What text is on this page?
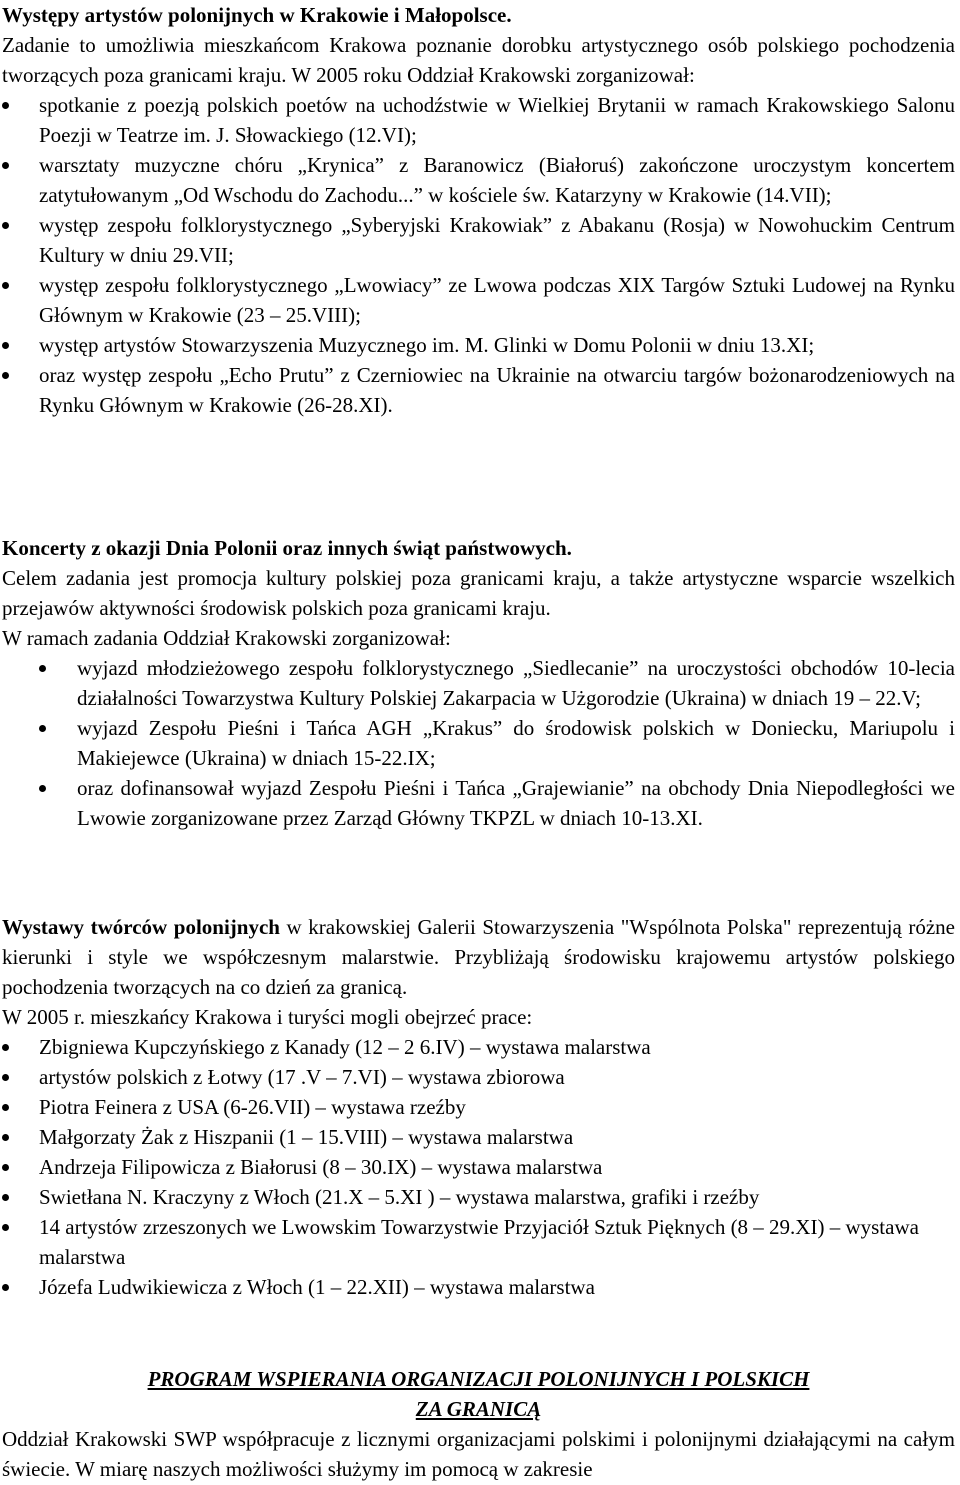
Występy artystów polonijnych w Krakowie i Małopolsce.

Zadanie to umożliwia mieszkańcom Krakowa poznanie dorobku artystycznego osób polskiego pochodzenia tworzących poza granicami kraju. W 2005 roku Oddział Krakowski zorganizował:

spotkanie z poezją polskich poetów na uchodźstwie w Wielkiej Brytanii w ramach Krakowskiego Salonu Poezji w Teatrze im. J. Słowackiego (12.VI);
warsztaty muzyczne chóru „Krynica” z Baranowicz (Białoruś) zakończone uroczystym koncertem zatytułowanym „Od Wschodu do Zachodu...” w kościele św. Katarzyny w Krakowie (14.VII);
występ zespołu folklorystycznego „Syberyjski Krakowiak” z Abakanu (Rosja) w Nowohuckim Centrum Kultury w dniu 29.VII;
występ zespołu folklorystycznego „Lwowiacy” ze Lwowa podczas XIX Targów Sztuki Ludowej na Rynku Głównym w Krakowie (23 – 25.VIII);
występ artystów Stowarzyszenia Muzycznego im. M. Glinki w Domu Polonii w dniu 13.XI;
oraz występ zespołu „Echo Prutu” z Czerniowiec na Ukrainie na otwarciu targów bożonarodzeniowych na Rynku Głównym w Krakowie (26-28.XI).

Koncerty z okazji Dnia Polonii oraz innych świąt państwowych.

Celem zadania jest promocja kultury polskiej poza granicami kraju, a także artystyczne wsparcie wszelkich przejawów aktywności środowisk polskich poza granicami kraju.

W ramach zadania Oddział Krakowski zorganizował:

wyjazd młodzieżowego zespołu folklorystycznego „Siedlecanie” na uroczystości obchodów 10-lecia działalności Towarzystwa Kultury Polskiej Zakarpacia w Użgorodzie (Ukraina) w dniach 19 – 22.V;
wyjazd Zespołu Pieśni i Tańca AGH „Krakus” do środowisk polskich w Doniecku, Mariupolu i Makiejewce (Ukraina) w dniach 15-22.IX;
oraz dofinansował wyjazd Zespołu Pieśni i Tańca „Grajewianie” na obchody Dnia Niepodległości we Lwowie zorganizowane przez Zarząd Główny TKPZL w dniach 10-13.XI.

Wystawy twórców polonijnych w krakowskiej Galerii Stowarzyszenia "Wspólnota Polska" reprezentują różne kierunki i style we współczesnym malarstwie. Przybliżają środowisku krajowemu artystów polskiego pochodzenia tworzących na co dzień za granicą.

W 2005 r. mieszkańcy Krakowa i turyści mogli obejrzeć prace:

Zbigniewa Kupczyńskiego z Kanady (12 – 2 6.IV) – wystawa malarstwa
artystów polskich z Łotwy (17 .V – 7.VI) – wystawa zbiorowa
Piotra Feinera z USA (6-26.VII) – wystawa rzeźby
Małgorzaty Żak z Hiszpanii (1 – 15.VIII) – wystawa malarstwa
Andrzeja Filipowicza z Białorusi (8 – 30.IX) – wystawa malarstwa
Swietłana N. Kraczyny z Włoch (21.X – 5.XI ) – wystawa malarstwa, grafiki i rzeźby
14 artystów zrzeszonych we Lwowskim Towarzystwie Przyjaciół Sztuk Pięknych (8 – 29.XI) – wystawa malarstwa
Józefa Ludwikiewicza z Włoch (1 – 22.XII) – wystawa malarstwa

PROGRAM WSPIERANIA ORGANIZACJI POLONIJNYCH I POLSKICH
ZA GRANICĄ

Oddział Krakowski SWP współpracuje z licznymi organizacjami polskimi i polonijnymi działającymi na całym świecie. W miarę naszych możliwości służymy im pomocą w zakresie
